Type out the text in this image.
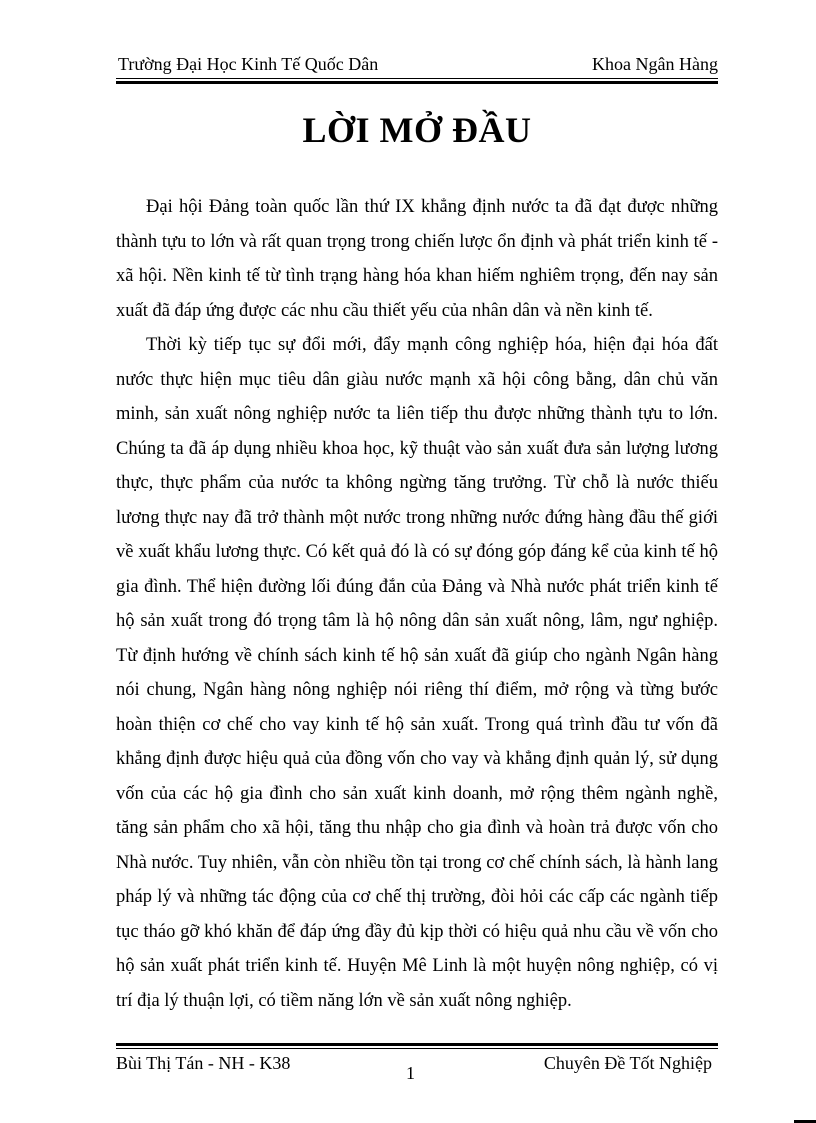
Trường Đại Học Kinh Tế Quốc Dân	Khoa Ngân Hàng
LỜI MỞ ĐẦU

Đại hội Đảng toàn quốc lần thứ IX khẳng định nước ta đã đạt được những thành tựu to lớn và rất quan trọng trong chiến lược ổn định và phát triển kinh tế - xã hội. Nền kinh tế từ tình trạng hàng hóa khan hiếm nghiêm trọng, đến nay sản xuất đã đáp ứng được các nhu cầu thiết yếu của nhân dân và nền kinh tế.

Thời kỳ tiếp tục sự đổi mới, đẩy mạnh công nghiệp hóa, hiện đại hóa đất nước thực hiện mục tiêu dân giàu nước mạnh xã hội công bằng, dân chủ văn minh, sản xuất nông nghiệp nước ta liên tiếp thu được những thành tựu to lớn. Chúng ta đã áp dụng nhiều khoa học, kỹ thuật vào sản xuất đưa sản lượng lương thực, thực phẩm của nước ta không ngừng tăng trưởng. Từ chỗ là nước thiếu lương thực nay đã trở thành một nước trong những nước đứng hàng đầu thế giới về xuất khẩu lương thực. Có kết quả đó là có sự đóng góp đáng kể của kinh tế hộ gia đình. Thể hiện đường lối đúng đắn của Đảng và Nhà nước phát triển kinh tế hộ sản xuất trong đó trọng tâm là hộ nông dân sản xuất nông, lâm, ngư nghiệp. Từ định hướng về chính sách kinh tế hộ sản xuất đã giúp cho ngành Ngân hàng nói chung, Ngân hàng nông nghiệp nói riêng thí điểm, mở rộng và từng bước hoàn thiện cơ chế cho vay kinh tế hộ sản xuất. Trong quá trình đầu tư vốn đã khẳng định được hiệu quả của đồng vốn cho vay và khẳng định quản lý, sử dụng vốn của các hộ gia đình cho sản xuất kinh doanh, mở rộng thêm ngành nghề, tăng sản phẩm cho xã hội, tăng thu nhập cho gia đình và hoàn trả được vốn cho Nhà nước. Tuy nhiên, vẫn còn nhiều tồn tại trong cơ chế chính sách, là hành lang pháp lý và những tác động của cơ chế thị trường, đòi hỏi các cấp các ngành tiếp tục tháo gỡ khó khăn để đáp ứng đầy đủ kịp thời có hiệu quả nhu cầu về vốn cho hộ sản xuất phát triển kinh tế. Huyện Mê Linh là một huyện nông nghiệp, có vị trí địa lý thuận lợi, có tiềm năng lớn về sản xuất nông nghiệp.

Bùi Thị Tán - NH - K38	1	Chuyên Đề Tốt Nghiệp
